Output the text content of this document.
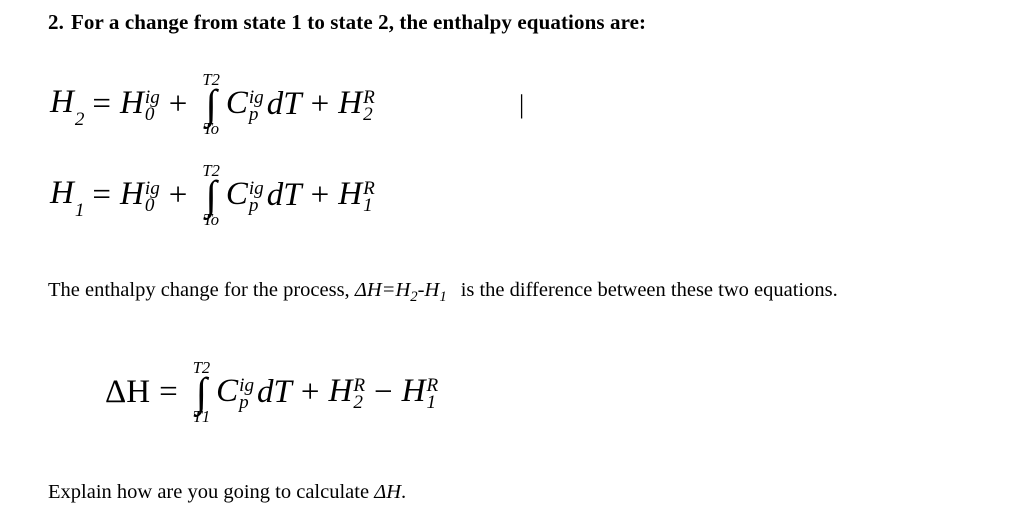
2. For a change from state 1 to state 2, the enthalpy equations are:
$H_2 = H$ ig
0 +
T2
∫
To
C ig
p dT + H R
2	|
$H_1 = H$ ig
0 +
T2
∫
To
C ig
p dT + H R
1
The enthalpy change for the process, $\Delta H=H_2-H_1$ is the difference between these two equations.
ΔH =
T2
∫
T1
C ig
p dT + H R
2 − H R
1
Explain how are you going to calculate ΔH.
